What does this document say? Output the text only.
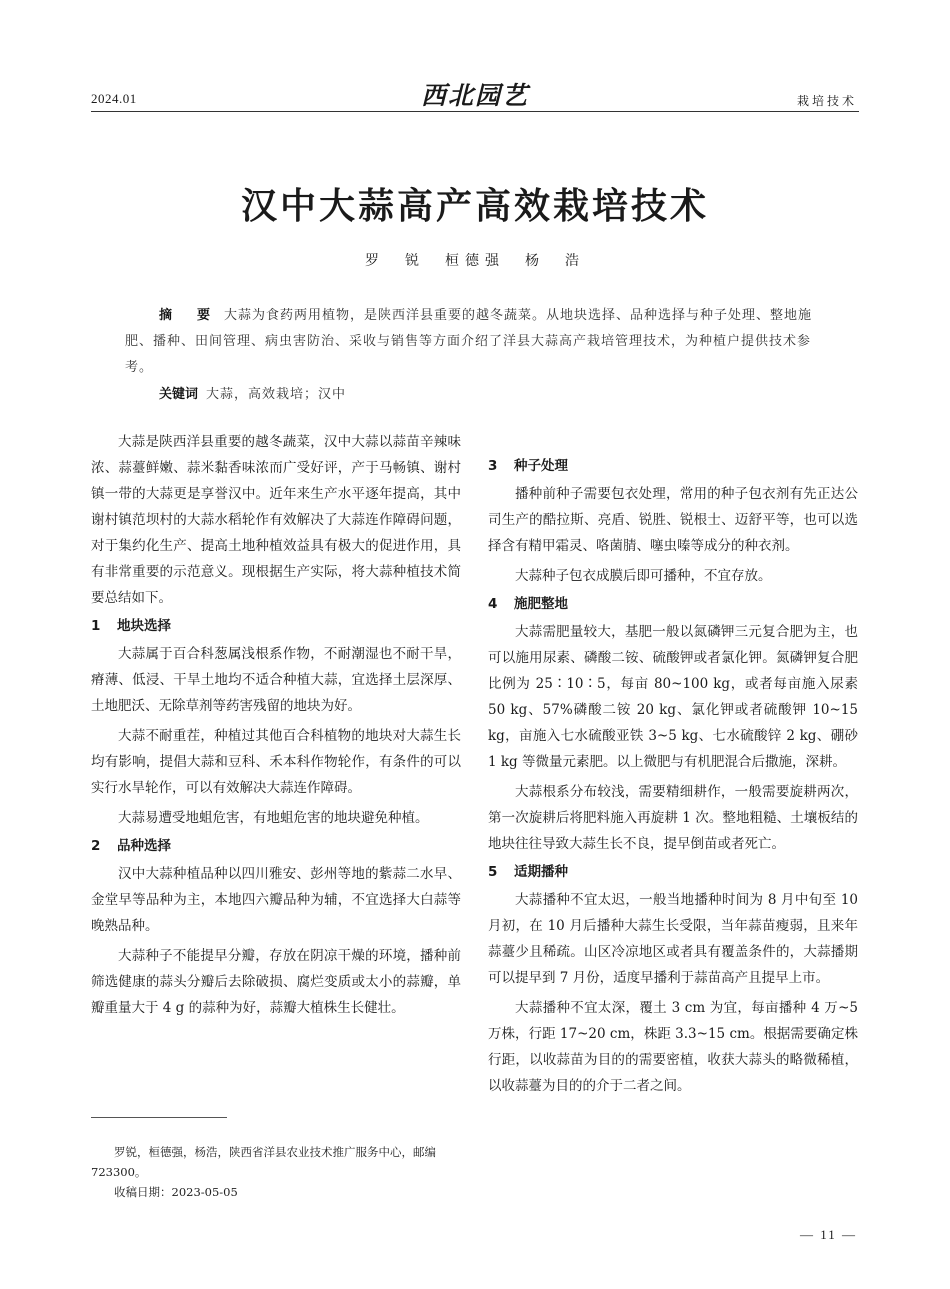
2024.01	西北园艺	栽培技术
汉中大蒜高产高效栽培技术
罗　锐　桓德强　杨　浩
摘　要 大蒜为食药两用植物，是陕西洋县重要的越冬蔬菜。从地块选择、品种选择与种子处理、整地施肥、播种、田间管理、病虫害防治、采收与销售等方面介绍了洋县大蒜高产栽培管理技术，为种植户提供技术参考。
关键词 大蒜，高效栽培；汉中

大蒜是陕西洋县重要的越冬蔬菜，汉中大蒜以蒜苗辛辣味浓、蒜薹鲜嫩、蒜米黏香味浓而广受好评，产于马畅镇、谢村镇一带的大蒜更是享誉汉中。近年来生产水平逐年提高，其中谢村镇范坝村的大蒜水稻轮作有效解决了大蒜连作障碍问题，对于集约化生产、提高土地种植效益具有极大的促进作用，具有非常重要的示范意义。现根据生产实际，将大蒜种植技术简要总结如下。

1 地块选择

大蒜属于百合科葱属浅根系作物，不耐潮湿也不耐干旱，瘠薄、低浸、干旱土地均不适合种植大蒜，宜选择土层深厚、土地肥沃、无除草剂等药害残留的地块为好。

大蒜不耐重茬，种植过其他百合科植物的地块对大蒜生长均有影响，提倡大蒜和豆科、禾本科作物轮作，有条件的可以实行水旱轮作，可以有效解决大蒜连作障碍。

大蒜易遭受地蛆危害，有地蛆危害的地块避免种植。

2 品种选择

汉中大蒜种植品种以四川雅安、彭州等地的紫蒜二水早、金堂早等品种为主，本地四六瓣品种为辅，不宜选择大白蒜等晚熟品种。

大蒜种子不能提早分瓣，存放在阴凉干燥的环境，播种前筛选健康的蒜头分瓣后去除破损、腐烂变质或太小的蒜瓣，单瓣重量大于 4 g 的蒜种为好，蒜瓣大植株生长健壮。

罗锐，桓德强，杨浩，陕西省洋县农业技术推广服务中心，邮编 723300。

收稿日期：2023-05-05

3 种子处理

播种前种子需要包衣处理，常用的种子包衣剂有先正达公司生产的酷拉斯、亮盾、锐胜、锐根士、迈舒平等，也可以选择含有精甲霜灵、咯菌腈、噻虫嗪等成分的种衣剂。

大蒜种子包衣成膜后即可播种，不宜存放。

4 施肥整地

大蒜需肥量较大，基肥一般以氮磷钾三元复合肥为主，也可以施用尿素、磷酸二铵、硫酸钾或者氯化钾。氮磷钾复合肥比例为 25∶10∶5，每亩 80~100 kg，或者每亩施入尿素 50 kg、57%磷酸二铵 20 kg、氯化钾或者硫酸钾 10~15 kg，亩施入七水硫酸亚铁 3~5 kg、七水硫酸锌 2 kg、硼砂 1 kg 等微量元素肥。以上微肥与有机肥混合后撒施，深耕。

大蒜根系分布较浅，需要精细耕作，一般需要旋耕两次，第一次旋耕后将肥料施入再旋耕 1 次。整地粗糙、土壤板结的地块往往导致大蒜生长不良，提早倒苗或者死亡。

5 适期播种

大蒜播种不宜太迟，一般当地播种时间为 8 月中旬至 10 月初，在 10 月后播种大蒜生长受限，当年蒜苗瘦弱，且来年蒜薹少且稀疏。山区冷凉地区或者具有覆盖条件的，大蒜播期可以提早到 7 月份，适度早播利于蒜苗高产且提早上市。

大蒜播种不宜太深，覆土 3 cm 为宜，每亩播种 4 万~5 万株，行距 17~20 cm，株距 3.3~15 cm。根据需要确定株行距，以收蒜苗为目的的需要密植，收获大蒜头的略微稀植，以收蒜薹为目的的介于二者之间。

— 11 —
